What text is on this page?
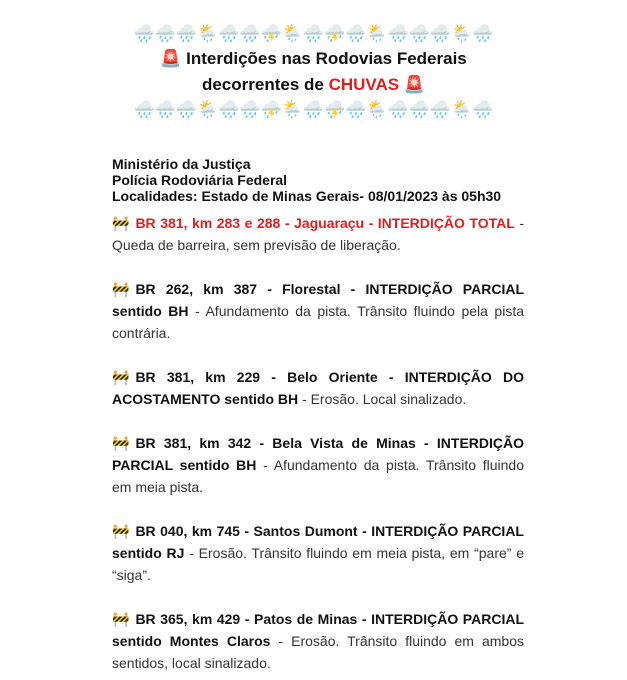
🌧️🌧️🌧️🌦️🌧️🌧️⛈️🌦️🌧️⛈️🌧️🌦️🌧️🌧️🌧️🌦️🌧️
🚨 Interdições nas Rodovias Federais
decorrentes de CHUVAS 🚨
🌧️🌧️🌧️🌦️🌧️🌧️⛈️🌦️🌧️⛈️🌧️🌦️🌧️🌧️🌧️🌦️🌧️
Ministério da Justiça
Polícia Rodoviária Federal
Localidades: Estado de Minas Gerais- 08/01/2023 às 05h30
🚧 BR 381, km 283 e 288 - Jaguaraçu - INTERDIÇÃO TOTAL - Queda de barreira, sem previsão de liberação.
🚧 BR 262, km 387 - Florestal - INTERDIÇÃO PARCIAL sentido BH - Afundamento da pista. Trânsito fluindo pela pista contrária.
🚧 BR 381, km 229 - Belo Oriente - INTERDIÇÃO DO ACOSTAMENTO sentido BH - Erosão. Local sinalizado.
🚧 BR 381, km 342 - Bela Vista de Minas - INTERDIÇÃO PARCIAL sentido BH - Afundamento da pista. Trânsito fluindo em meia pista.
🚧 BR 040, km 745 - Santos Dumont - INTERDIÇÃO PARCIAL sentido RJ - Erosão. Trânsito fluindo em meia pista, em “pare” e “siga”.
🚧 BR 365, km 429 - Patos de Minas - INTERDIÇÃO PARCIAL sentido Montes Claros - Erosão. Trânsito fluindo em ambos sentidos, local sinalizado.
